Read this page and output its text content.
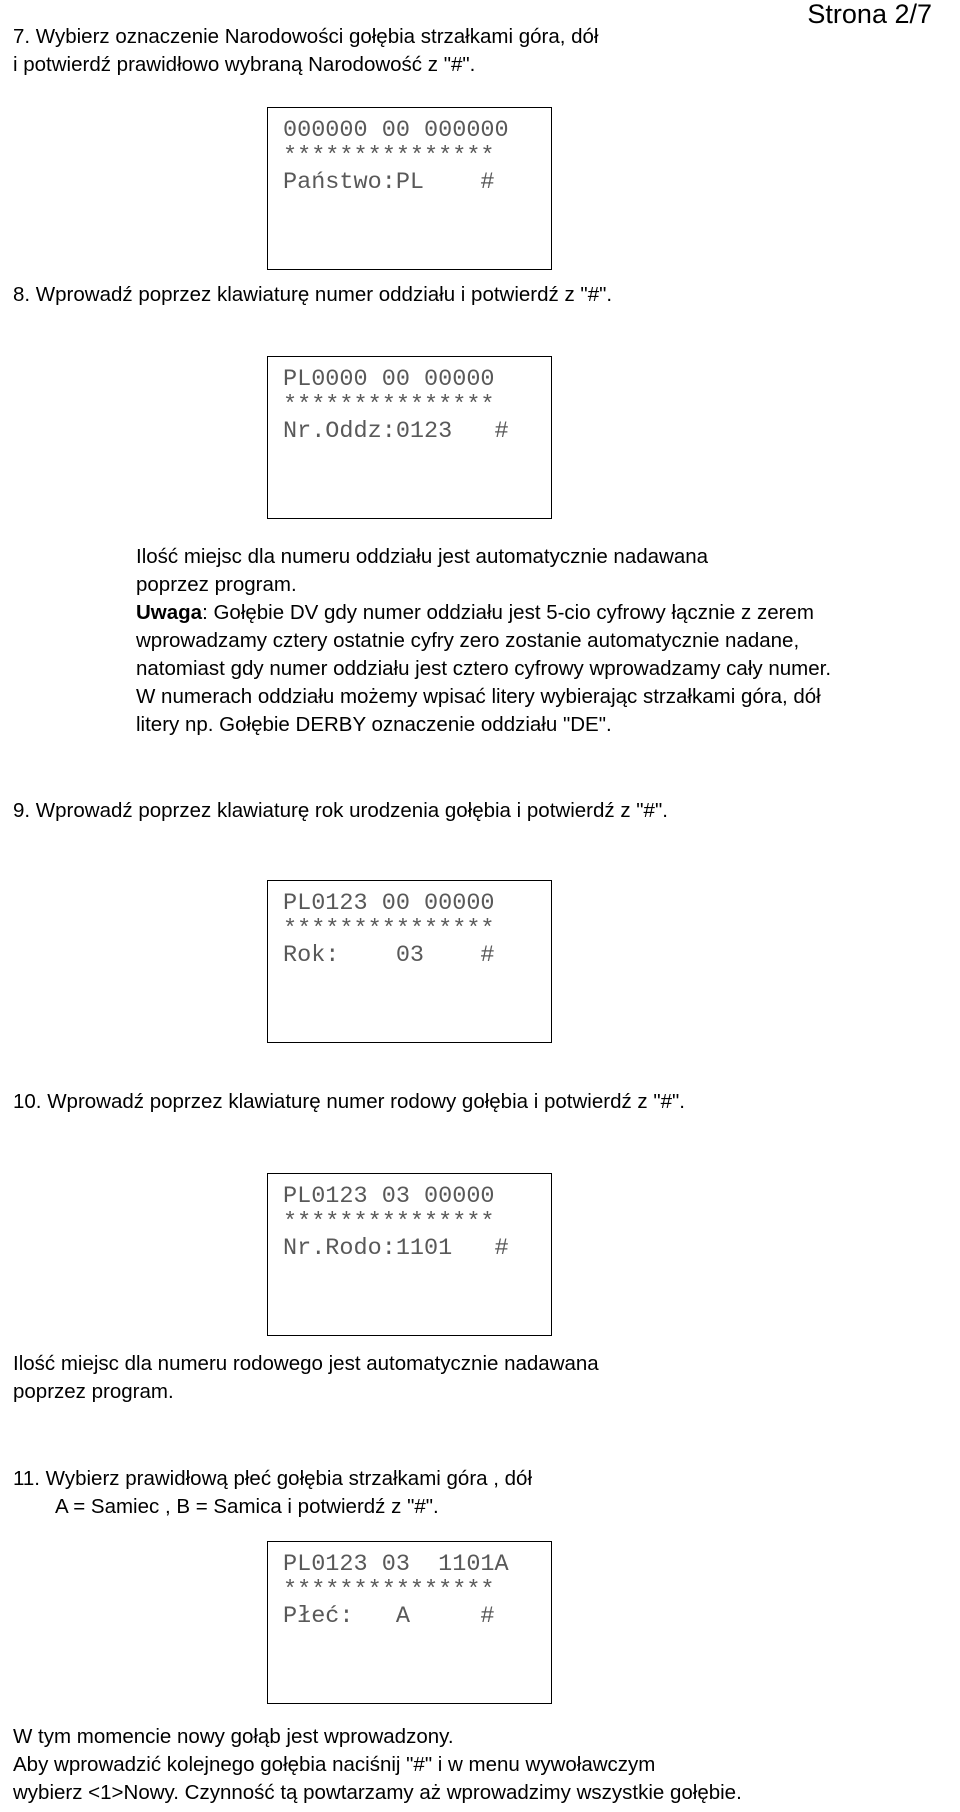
Strona 2/7
7. Wybierz oznaczenie Narodowości gołębia strzałkami góra, dół
i potwierdź prawidłowo wybraną Narodowość z "#".
000000 00 000000
***************
Państwo:PL    #
8. Wprowadź poprzez klawiaturę numer oddziału i potwierdź z "#".
PL0000 00 00000
***************
Nr.Oddz:0123   #
Ilość miejsc dla numeru oddziału jest automatycznie nadawana
poprzez program.
Uwaga: Gołębie DV gdy numer oddziału jest 5-cio cyfrowy łącznie z zerem
wprowadzamy cztery ostatnie cyfry zero zostanie automatycznie nadane,
natomiast gdy numer oddziału jest cztero cyfrowy wprowadzamy cały numer.
W numerach oddziału możemy wpisać litery wybierając strzałkami góra, dół
litery np. Gołębie DERBY oznaczenie oddziału "DE".
9. Wprowadź poprzez klawiaturę rok urodzenia gołębia i potwierdź z "#".
PL0123 00 00000
***************
Rok:    03    #
10. Wprowadź poprzez klawiaturę numer rodowy gołębia i potwierdź z "#".
PL0123 03 00000
***************
Nr.Rodo:1101   #
Ilość miejsc dla numeru rodowego jest automatycznie nadawana
poprzez program.
11. Wybierz prawidłową płeć gołębia strzałkami góra , dół
A = Samiec , B = Samica i potwierdź z "#".
PL0123 03  1101A
***************
Płeć:   A     #
W tym momencie nowy gołąb jest wprowadzony.
Aby wprowadzić kolejnego gołębia naciśnij "#" i w menu wywoławczym
wybierz <1>Nowy. Czynność tą powtarzamy aż wprowadzimy wszystkie gołębie.
